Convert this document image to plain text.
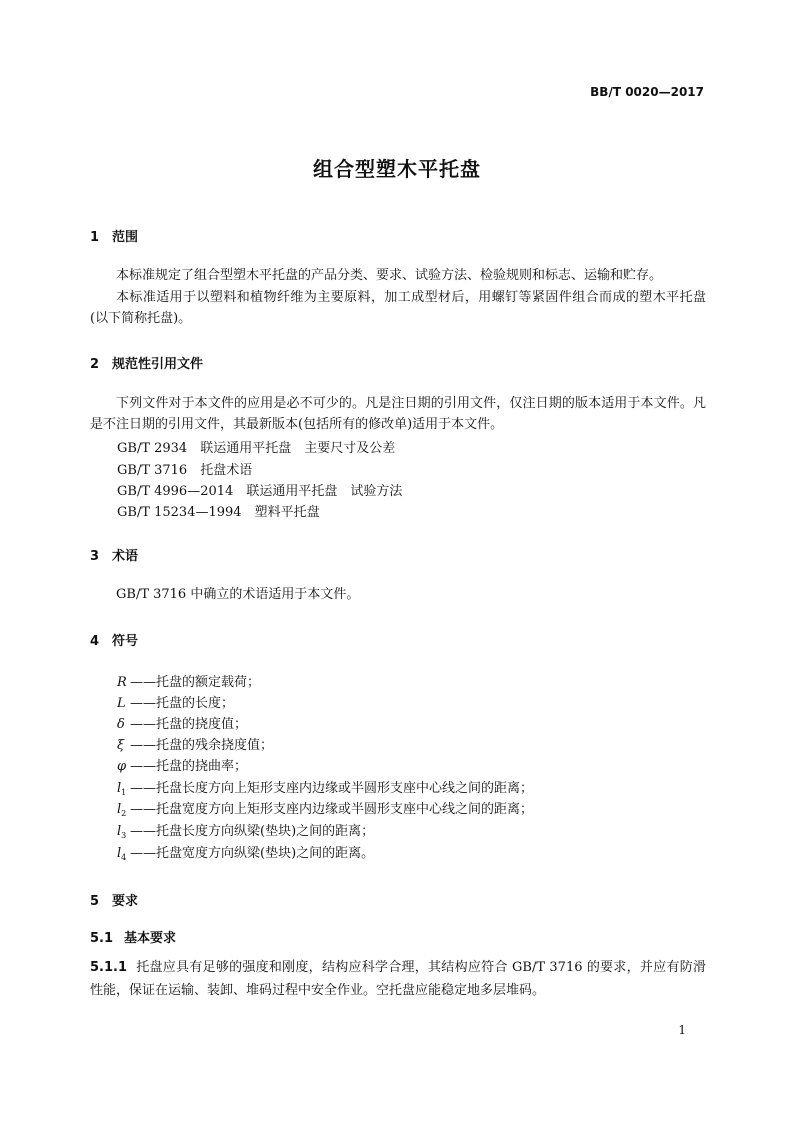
BB/T 0020—2017
组合型塑木平托盘
1 范围
本标准规定了组合型塑木平托盘的产品分类、要求、试验方法、检验规则和标志、运输和贮存。
本标准适用于以塑料和植物纤维为主要原料，加工成型材后，用螺钉等紧固件组合而成的塑木平托盘(以下简称托盘)。
2 规范性引用文件
下列文件对于本文件的应用是必不可少的。凡是注日期的引用文件，仅注日期的版本适用于本文件。凡是不注日期的引用文件，其最新版本(包括所有的修改单)适用于本文件。
GB/T 2934　 联运通用平托盘　主要尺寸及公差
GB/T 3716　 托盘术语
GB/T 4996—2014　 联运通用平托盘　试验方法
GB/T 15234—1994　 塑料平托盘
3 术语
GB/T 3716 中确立的术语适用于本文件。
4 符号
R ——托盘的额定载荷；
L ——托盘的长度；
δ ——托盘的挠度值；
ξ ——托盘的残余挠度值；
φ ——托盘的挠曲率；
$l_1$ ——托盘长度方向上矩形支座内边缘或半圆形支座中心线之间的距离；
$l_2$ ——托盘宽度方向上矩形支座内边缘或半圆形支座中心线之间的距离；
$l_3$ ——托盘长度方向纵梁(垫块)之间的距离；
$l_4$ ——托盘宽度方向纵梁(垫块)之间的距离。
5 要求
5.1 基本要求
5.1.1 托盘应具有足够的强度和刚度，结构应科学合理，其结构应符合 GB/T 3716 的要求，并应有防滑性能，保证在运输、装卸、堆码过程中安全作业。空托盘应能稳定地多层堆码。
1
